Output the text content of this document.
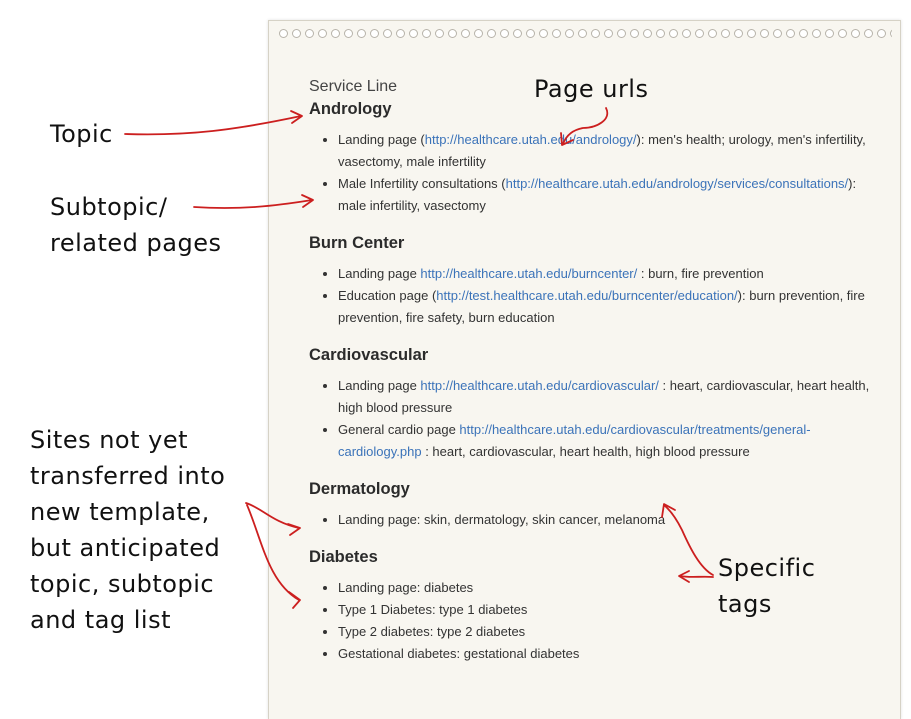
Service Line
Andrology
• Landing page (http://healthcare.utah.edu/andrology/): men's health; urology, men's infertility, vasectomy, male infertility
• Male Infertility consultations (http://healthcare.utah.edu/andrology/services/consultations/): male infertility, vasectomy
Burn Center
• Landing page http://healthcare.utah.edu/burncenter/ : burn, fire prevention
• Education page (http://test.healthcare.utah.edu/burncenter/education/): burn prevention, fire prevention, fire safety, burn education
Cardiovascular
• Landing page http://healthcare.utah.edu/cardiovascular/ : heart, cardiovascular, heart health, high blood pressure
• General cardio page http://healthcare.utah.edu/cardiovascular/treatments/general-cardiology.php : heart, cardiovascular, heart health, high blood pressure
Dermatology
• Landing page: skin, dermatology, skin cancer, melanoma
Diabetes
• Landing page: diabetes
• Type 1 Diabetes: type 1 diabetes
• Type 2 diabetes: type 2 diabetes
• Gestational diabetes: gestational diabetes
Topic
Page urls
Subtopic/
related pages
Sites not yet
transferred into
new template,
but anticipated
topic, subtopic
and tag list
Specific
tags
